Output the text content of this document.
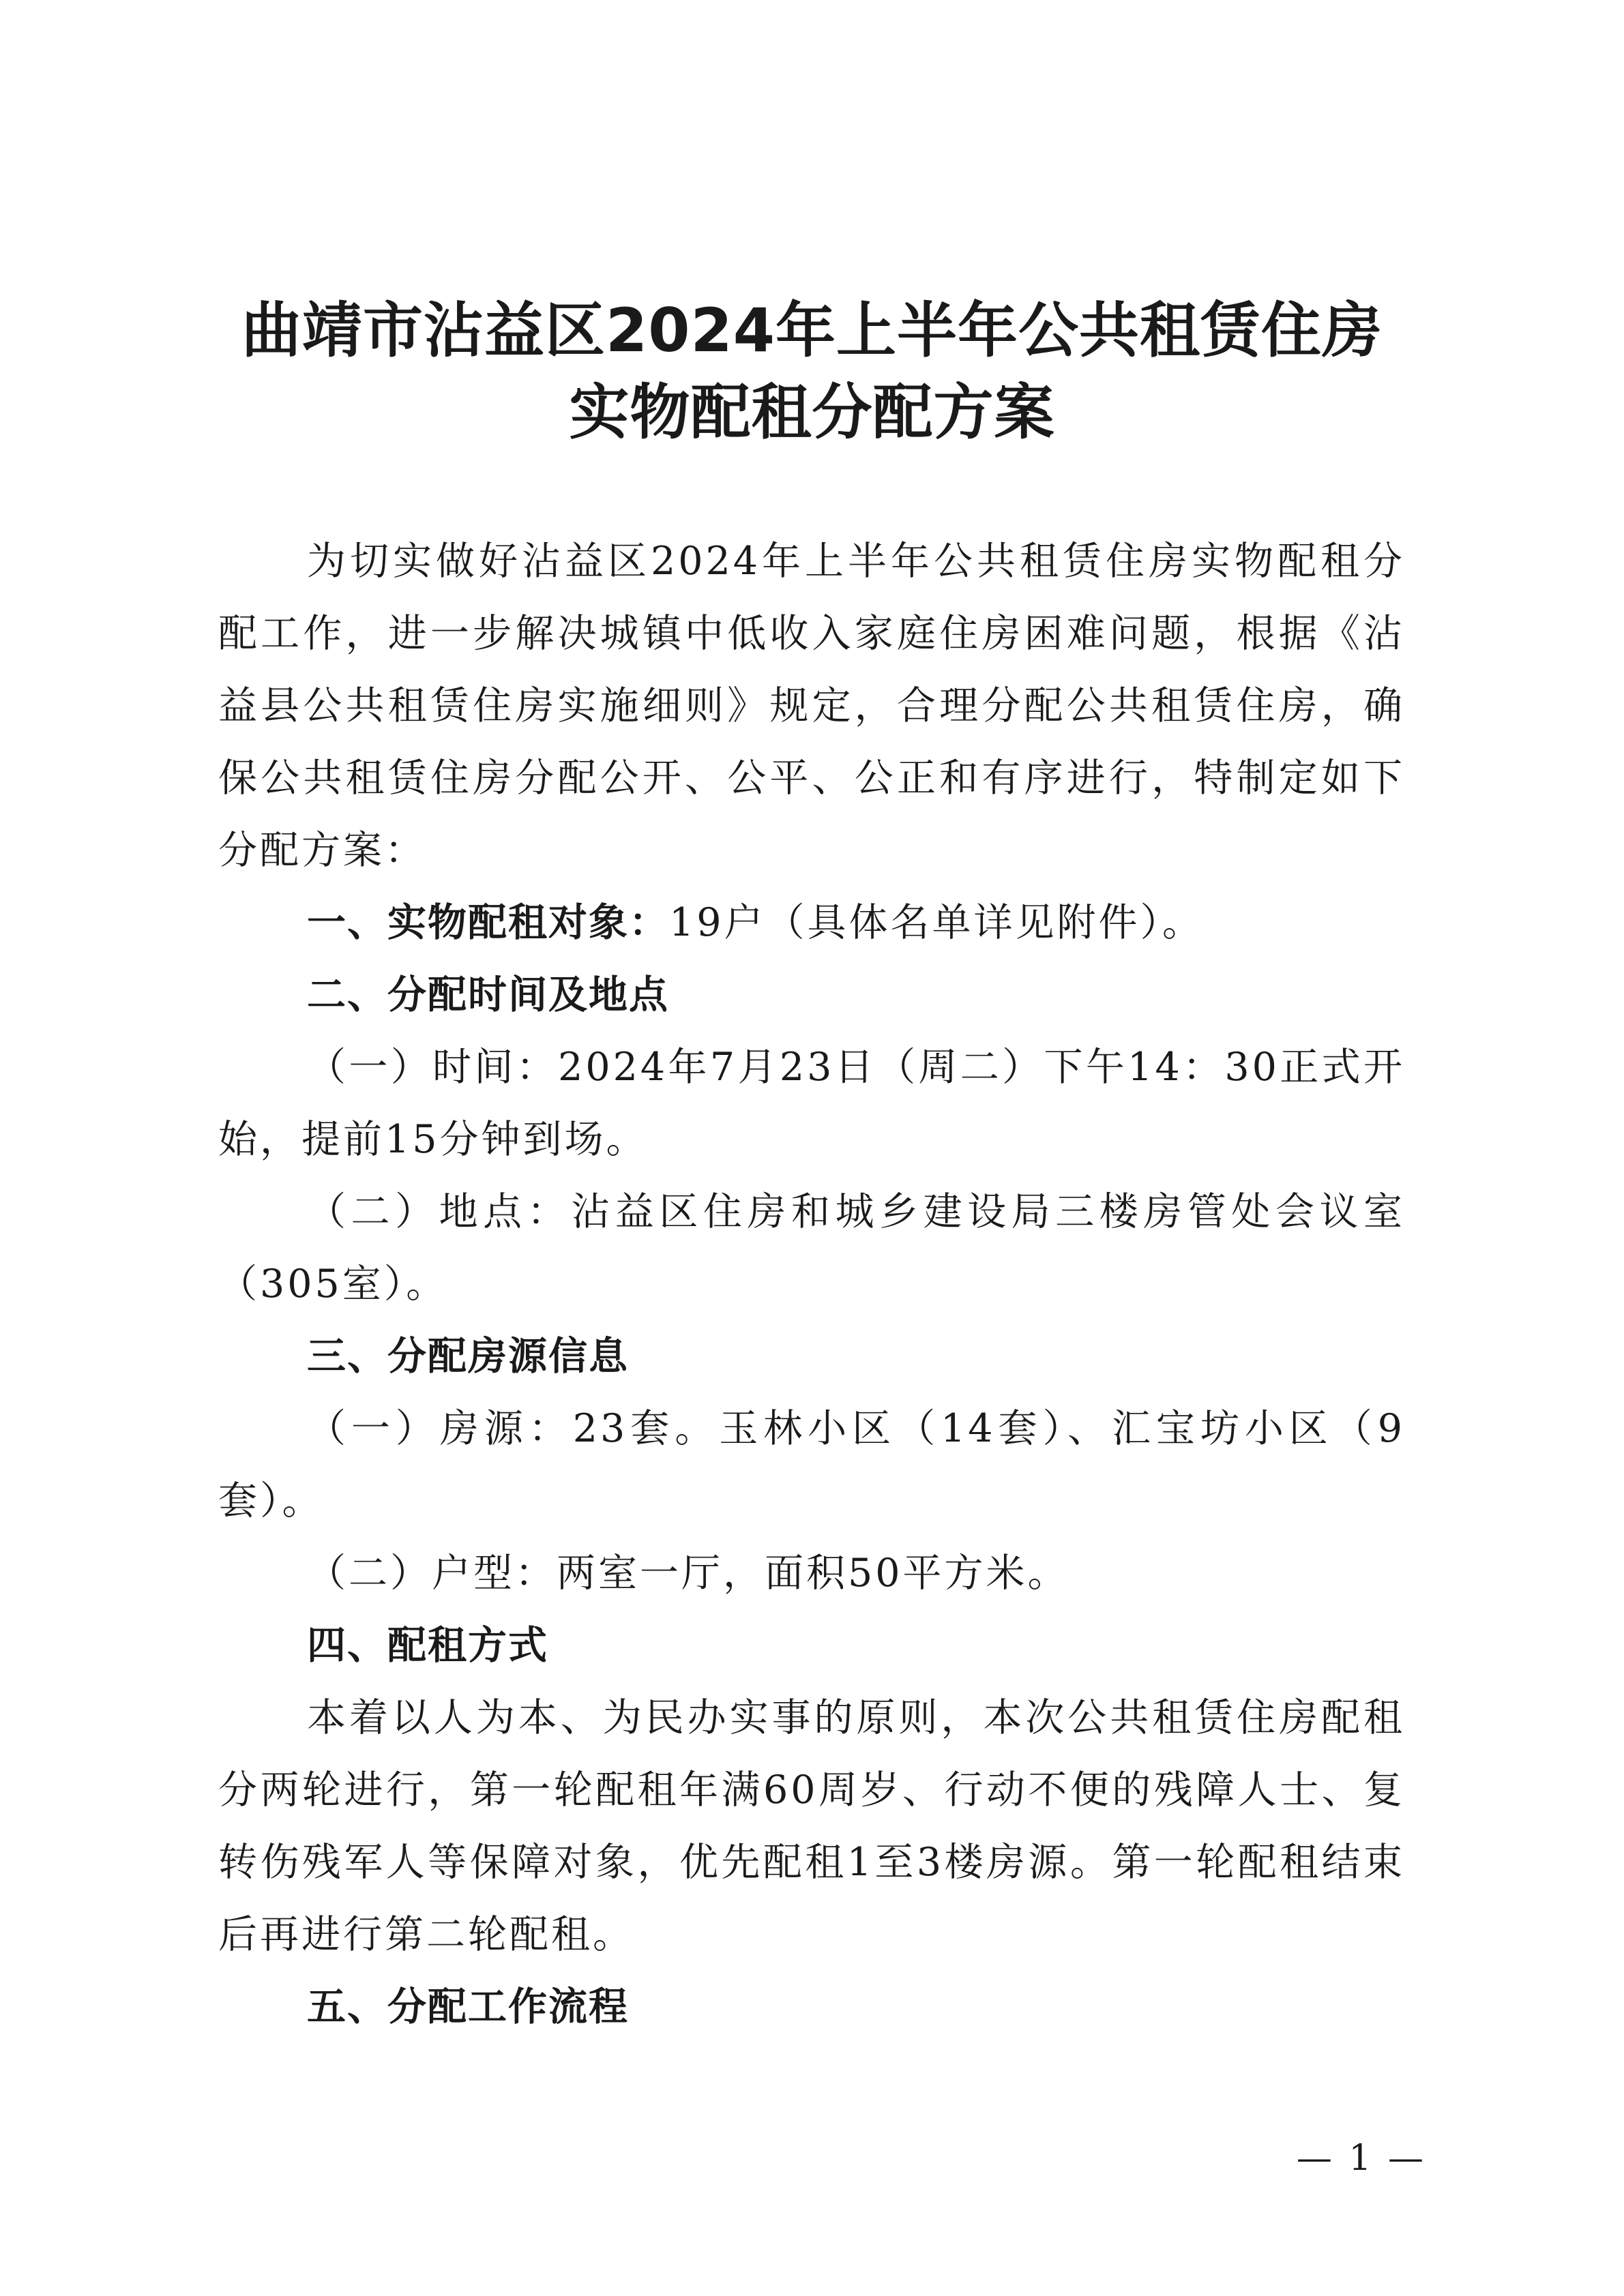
曲靖市沾益区2024年上半年公共租赁住房
实物配租分配方案

为切实做好沾益区2024年上半年公共租赁住房实物配租分配工作，进一步解决城镇中低收入家庭住房困难问题，根据《沾益县公共租赁住房实施细则》规定，合理分配公共租赁住房，确保公共租赁住房分配公开、公平、公正和有序进行，特制定如下分配方案：

一、实物配租对象：19户（具体名单详见附件）。

二、分配时间及地点

（一）时间：2024年7月23日（周二）下午14：30正式开始，提前15分钟到场。

（二）地点：沾益区住房和城乡建设局三楼房管处会议室（305室）。

三、分配房源信息

（一）房源：23套。玉林小区（14套）、汇宝坊小区（9套）。

（二）户型：两室一厅，面积50平方米。

四、配租方式

本着以人为本、为民办实事的原则，本次公共租赁住房配租分两轮进行，第一轮配租年满60周岁、行动不便的残障人士、复转伤残军人等保障对象，优先配租1至3楼房源。第一轮配租结束后再进行第二轮配租。

五、分配工作流程

— 1 —
